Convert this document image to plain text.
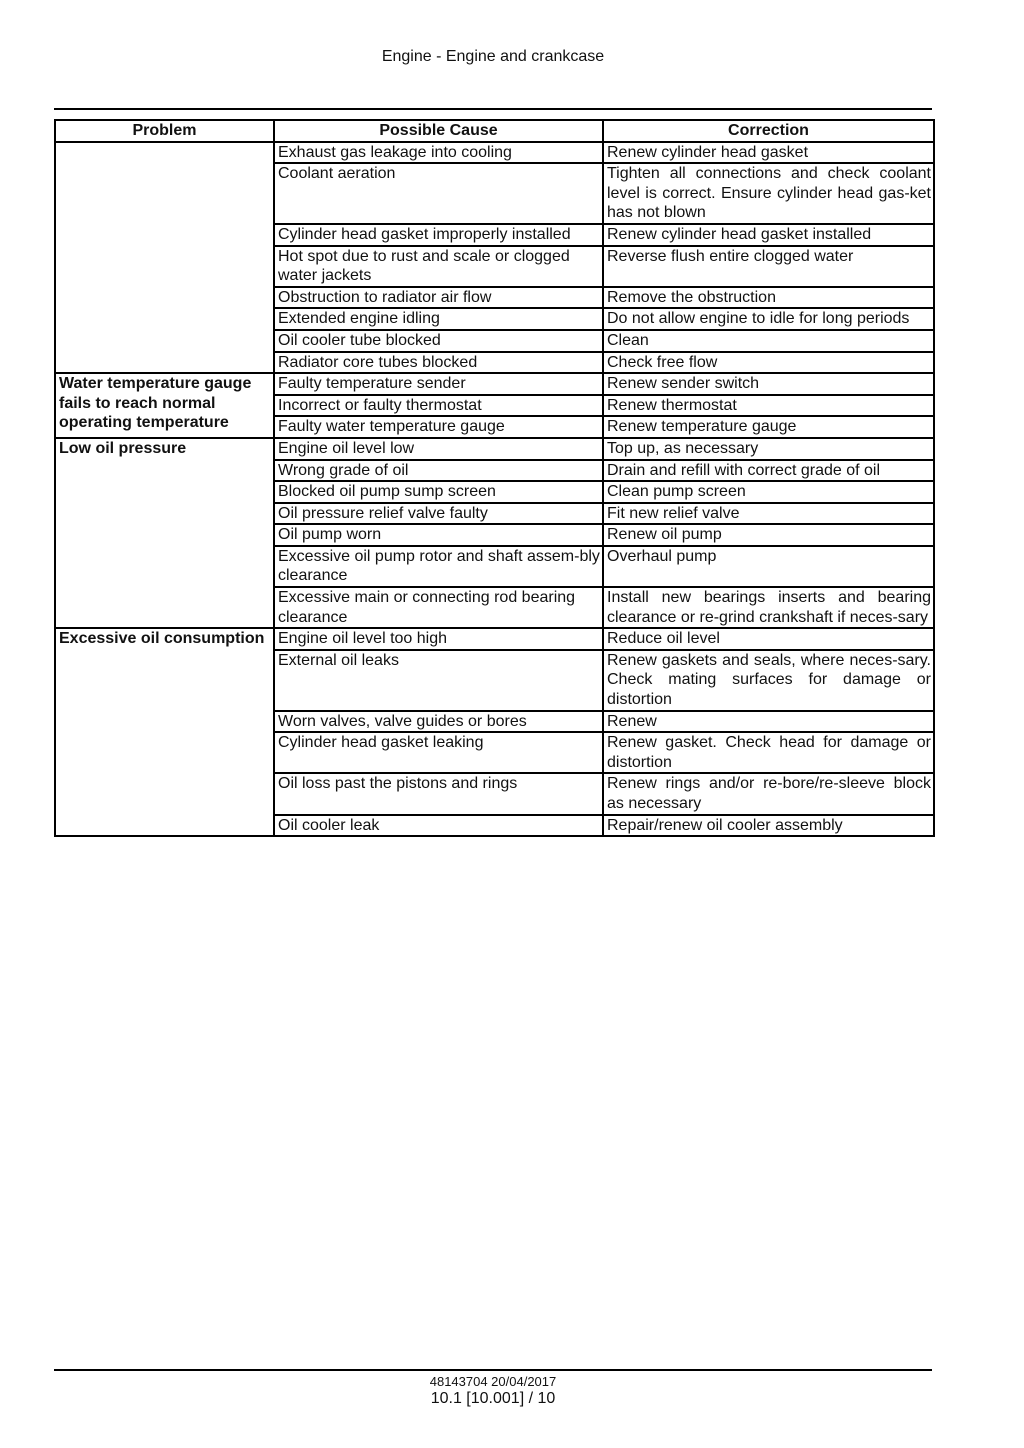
Engine - Engine and crankcase
Problem	Possible Cause	Correction
	Exhaust gas leakage into cooling	Renew cylinder head gasket
	Coolant aeration	Tighten all connections and check coolant level is correct. Ensure cylinder head gas-ket has not blown
	Cylinder head gasket improperly installed	Renew cylinder head gasket installed
	Hot spot due to rust and scale or clogged water jackets	Reverse flush entire clogged water
	Obstruction to radiator air flow	Remove the obstruction
	Extended engine idling	Do not allow engine to idle for long periods
	Oil cooler tube blocked	Clean
	Radiator core tubes blocked	Check free flow
Water temperature gauge fails to reach normal operating temperature	Faulty temperature sender	Renew sender switch
	Incorrect or faulty thermostat	Renew thermostat
	Faulty water temperature gauge	Renew temperature gauge
Low oil pressure	Engine oil level low	Top up, as necessary
	Wrong grade of oil	Drain and refill with correct grade of oil
	Blocked oil pump sump screen	Clean pump screen
	Oil pressure relief valve faulty	Fit new relief valve
	Oil pump worn	Renew oil pump
	Excessive oil pump rotor and shaft assem-bly clearance	Overhaul pump
	Excessive main or connecting rod bearing clearance	Install new bearings inserts and bearing clearance or re-grind crankshaft if neces-sary
Excessive oil consumption	Engine oil level too high	Reduce oil level
	External oil leaks	Renew gaskets and seals, where neces-sary. Check mating surfaces for damage or distortion
	Worn valves, valve guides or bores	Renew
	Cylinder head gasket leaking	Renew gasket. Check head for damage or distortion
	Oil loss past the pistons and rings	Renew rings and/or re-bore/re-sleeve block as necessary
	Oil cooler leak	Repair/renew oil cooler assembly
48143704 20/04/2017
10.1 [10.001] / 10
